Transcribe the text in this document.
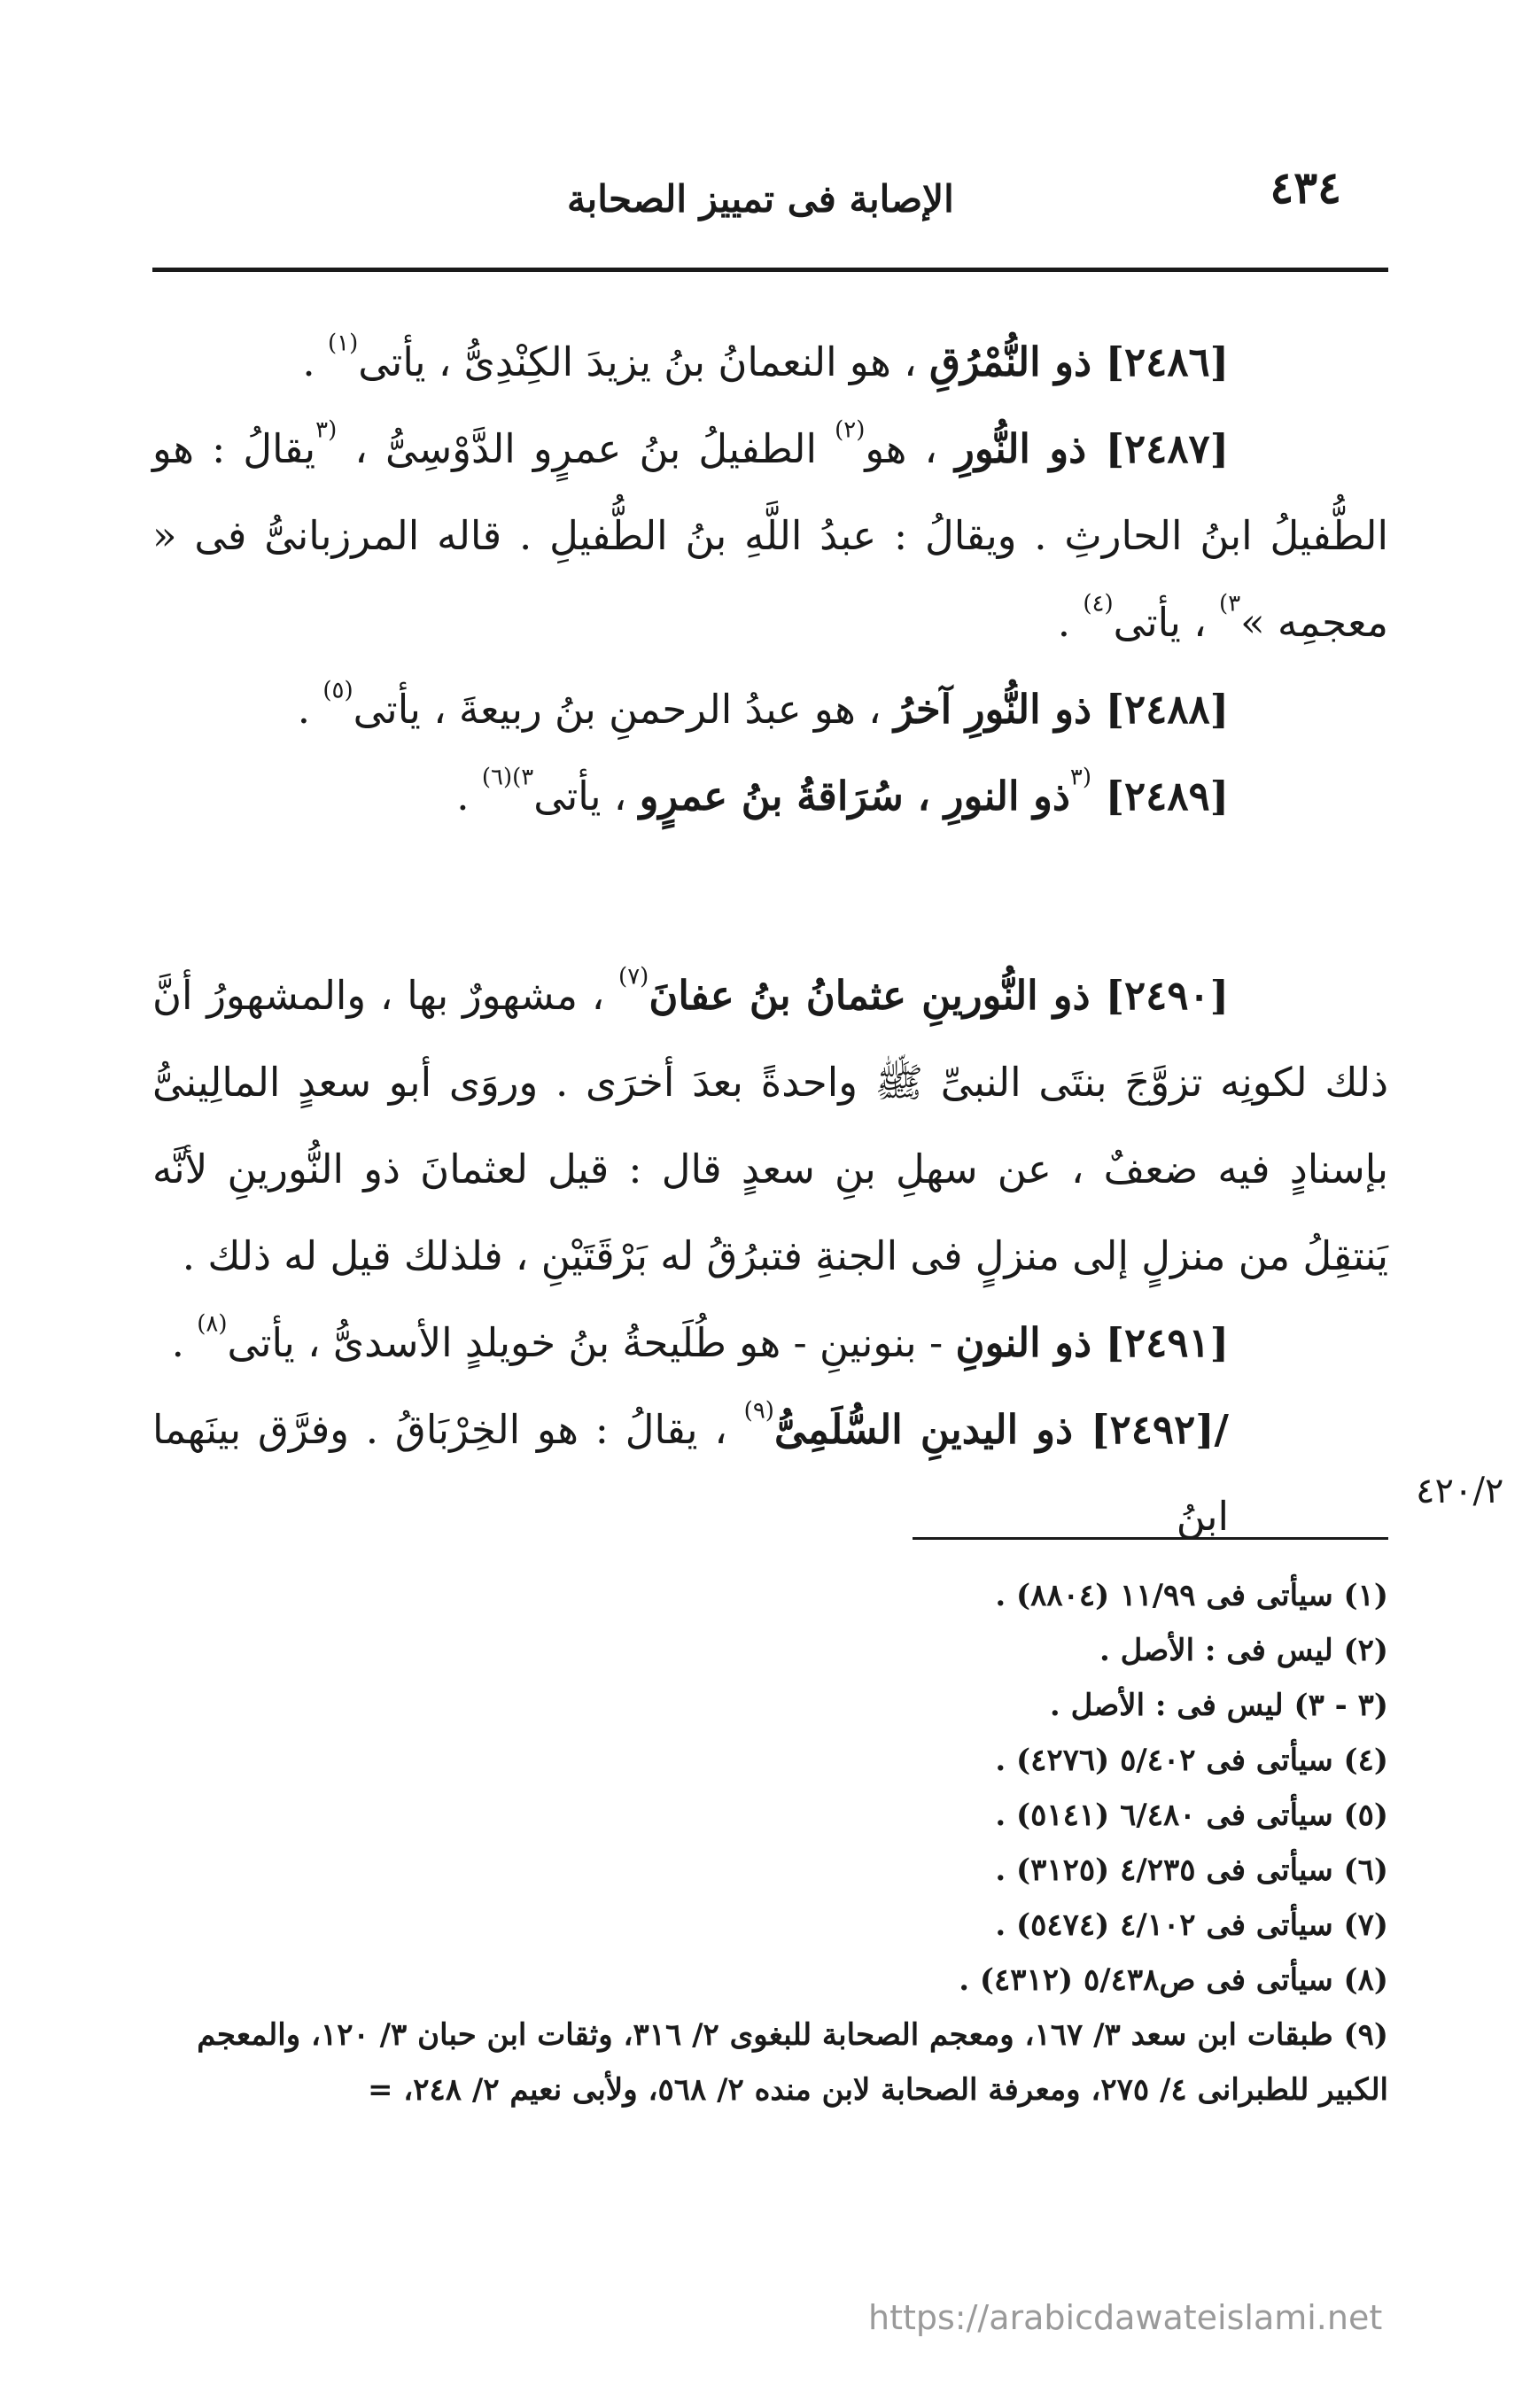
٤٣٤
الإصابة فى تمييز الصحابة

[٢٤٨٦] ذو النُّمْرُقِ ، هو النعمانُ بنُ يزيدَ الكِنْدِىُّ ، يأتى$^{(١)}$ .

[٢٤٨٧] ذو النُّورِ ، هو$^{(٢)}$ الطفيلُ بنُ عمرٍو الدَّوْسِىُّ ، $^{(٣}$يقالُ : هو الطُّفيلُ ابنُ الحارثِ . ويقالُ : عبدُ اللَّهِ بنُ الطُّفيلِ . قاله المرزبانىُّ فى « معجمِه »$^{٣)}$ ، يأتى$^{(٤)}$ .

[٢٤٨٨] ذو النُّورِ آخرُ ، هو عبدُ الرحمنِ بنُ ربيعةَ ، يأتى$^{(٥)}$ .

[٢٤٨٩] $^{(٣}$ذو النورِ ، سُرَاقةُ بنُ عمرٍو ، يأتى$^{٣)(٦)}$ .

[٢٤٩٠] ذو النُّورينِ عثمانُ بنُ عفانَ$^{(٧)}$ ، مشهورٌ بها ، والمشهورُ أنَّ ذلك لكونِه تزوَّجَ بنتَى النبىِّ ﷺ واحدةً بعدَ أخرَى . وروَى أبو سعدٍ المالِينىُّ بإسنادٍ فيه ضعفٌ ، عن سهلِ بنِ سعدٍ قال : قيل لعثمانَ ذو النُّورينِ لأنَّه يَنتقِلُ من منزلٍ إلى منزلٍ فى الجنةِ فتبرُقُ له بَرْقَتَيْنِ ، فلذلك قيل له ذلك .

[٢٤٩١] ذو النونِ - بنونينِ - هو طُلَيحةُ بنُ خويلدٍ الأسدىُّ ، يأتى$^{(٨)}$ .

/[٢٤٩٢] ذو اليدينِ السُّلَمِىُّ$^{(٩)}$ ، يقالُ : هو الخِرْبَاقُ . وفرَّق بينَهما ابنُ

٤٢٠/٢

(١) سيأتى فى ١١/٩٩ (٨٨٠٤) .

(٢) ليس فى : الأصل .

(٣ - ٣) ليس فى : الأصل .

(٤) سيأتى فى ٥/٤٠٢ (٤٢٧٦) .

(٥) سيأتى فى ٦/٤٨٠ (٥١٤١) .

(٦) سيأتى فى ٤/٢٣٥ (٣١٢٥) .

(٧) سيأتى فى ٤/١٠٢ (٥٤٧٤) .

(٨) سيأتى فى ص٥/٤٣٨ (٤٣١٢) .

(٩) طبقات ابن سعد ٣/ ١٦٧، ومعجم الصحابة للبغوى ٢/ ٣١٦، وثقات ابن حبان ٣/ ١٢٠، والمعجم الكبير للطبرانى ٤/ ٢٧٥، ومعرفة الصحابة لابن منده ٢/ ٥٦٨، ولأبى نعيم ٢/ ٢٤٨، =

https://arabicdawateislami.net
